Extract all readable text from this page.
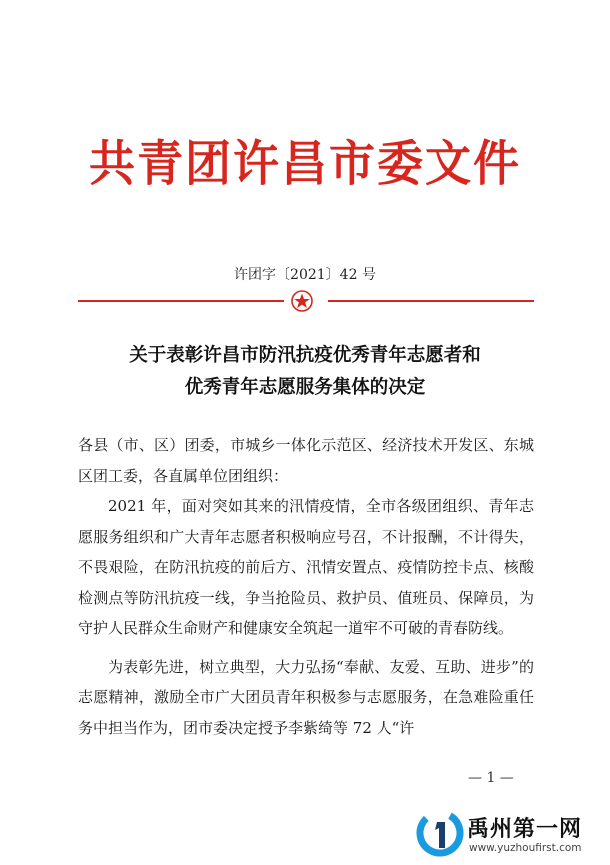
共青团许昌市委文件
许团字〔2021〕42 号
关于表彰许昌市防汛抗疫优秀青年志愿者和
优秀青年志愿服务集体的决定

各县（市、区）团委，市城乡一体化示范区、经济技术开发区、东城区团工委，各直属单位团组织：

2021 年，面对突如其来的汛情疫情，全市各级团组织、青年志愿服务组织和广大青年志愿者积极响应号召，不计报酬，不计得失，不畏艰险，在防汛抗疫的前后方、汛情安置点、疫情防控卡点、核酸检测点等防汛抗疫一线，争当抢险员、救护员、值班员、保障员，为守护人民群众生命财产和健康安全筑起一道牢不可破的青春防线。

为表彰先进，树立典型，大力弘扬“奉献、友爱、互助、进步”的志愿精神，激励全市广大团员青年积极参与志愿服务，在急难险重任务中担当作为，团市委决定授予李紫绮等 72 人“许

— 1 —
禹州第一网
www.yuzhoufirst.com
